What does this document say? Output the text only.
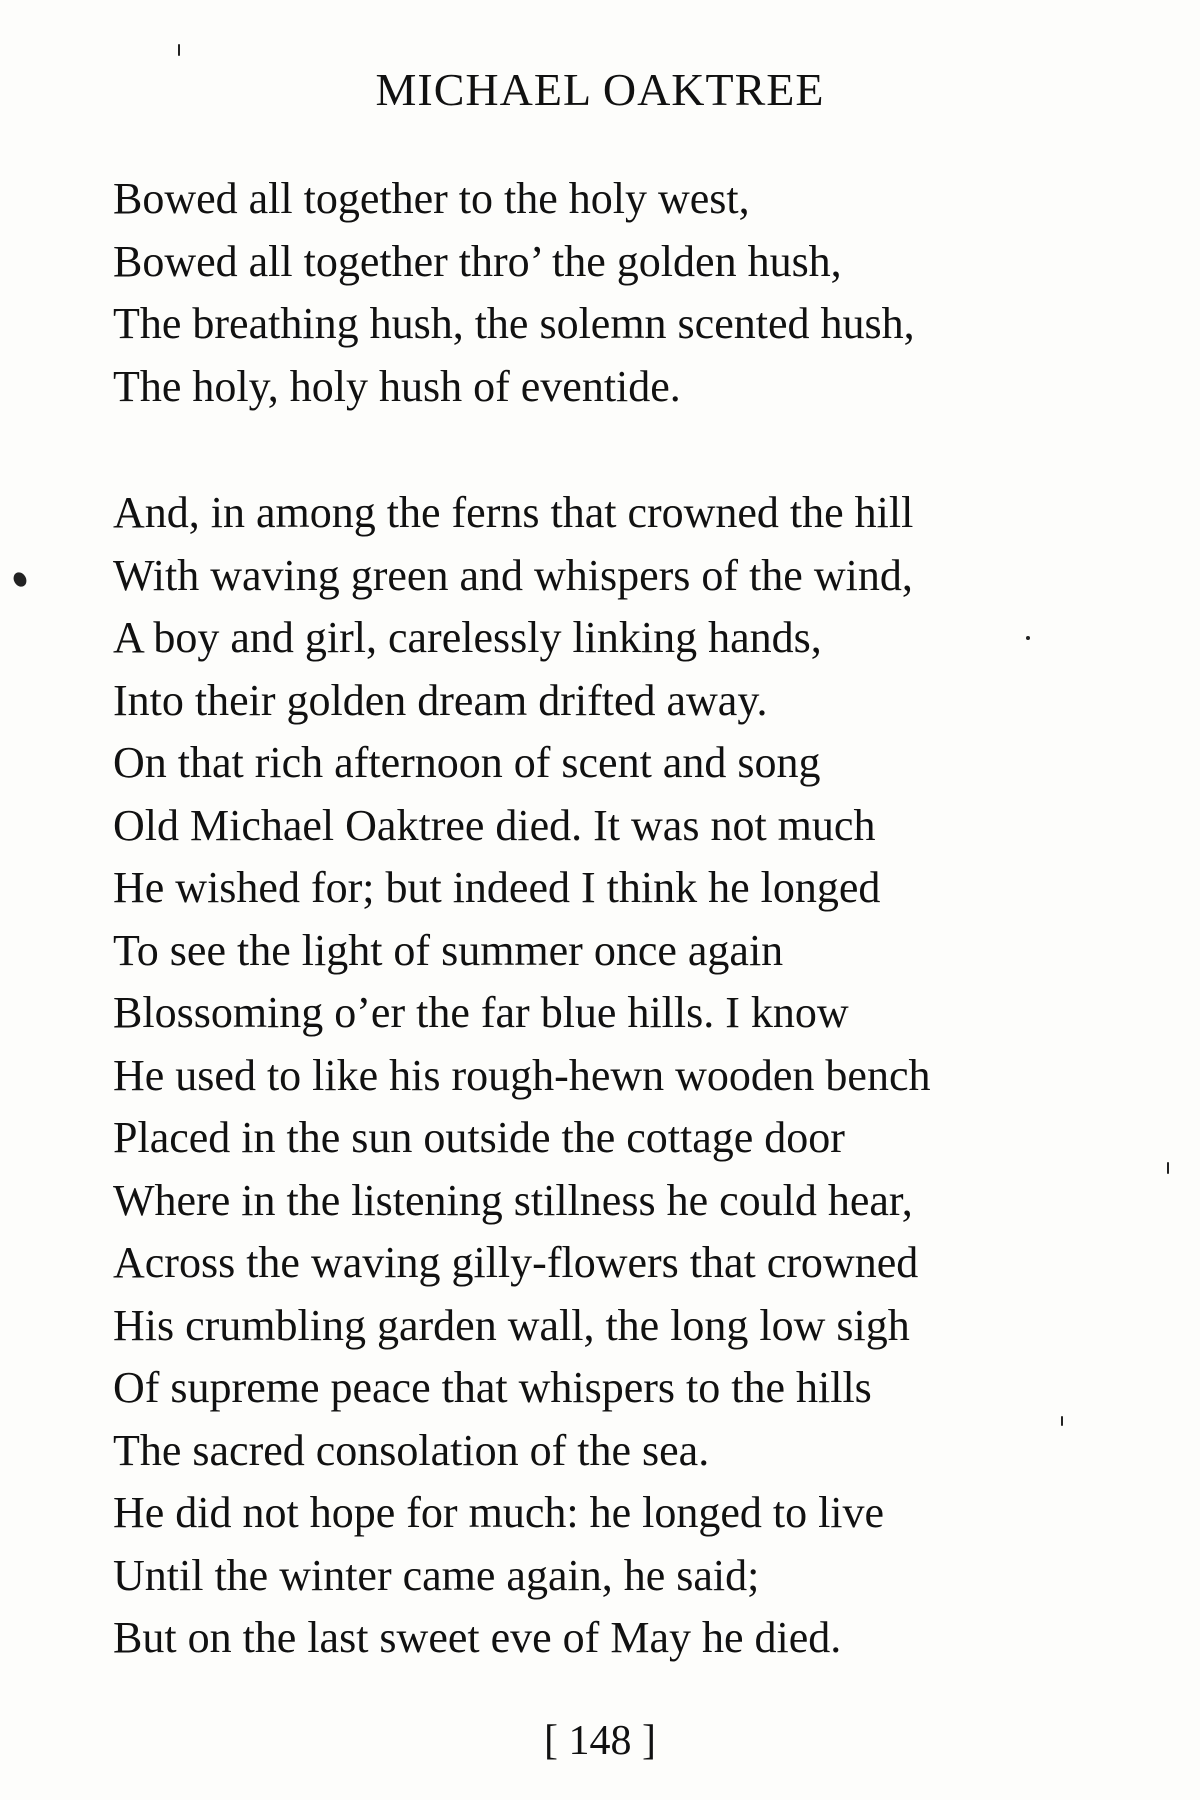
MICHAEL OAKTREE
Bowed all together to the holy west,
Bowed all together thro’ the golden hush,
The breathing hush, the solemn scented hush,
The holy, holy hush of eventide.
And, in among the ferns that crowned the hill
With waving green and whispers of the wind,
A boy and girl, carelessly linking hands,
Into their golden dream drifted away.
On that rich afternoon of scent and song
Old Michael Oaktree died. It was not much
He wished for; but indeed I think he longed
To see the light of summer once again
Blossoming o’er the far blue hills. I know
He used to like his rough-hewn wooden bench
Placed in the sun outside the cottage door
Where in the listening stillness he could hear,
Across the waving gilly-flowers that crowned
His crumbling garden wall, the long low sigh
Of supreme peace that whispers to the hills
The sacred consolation of the sea.
He did not hope for much: he longed to live
Until the winter came again, he said;
But on the last sweet eve of May he died.
[ 148 ]
